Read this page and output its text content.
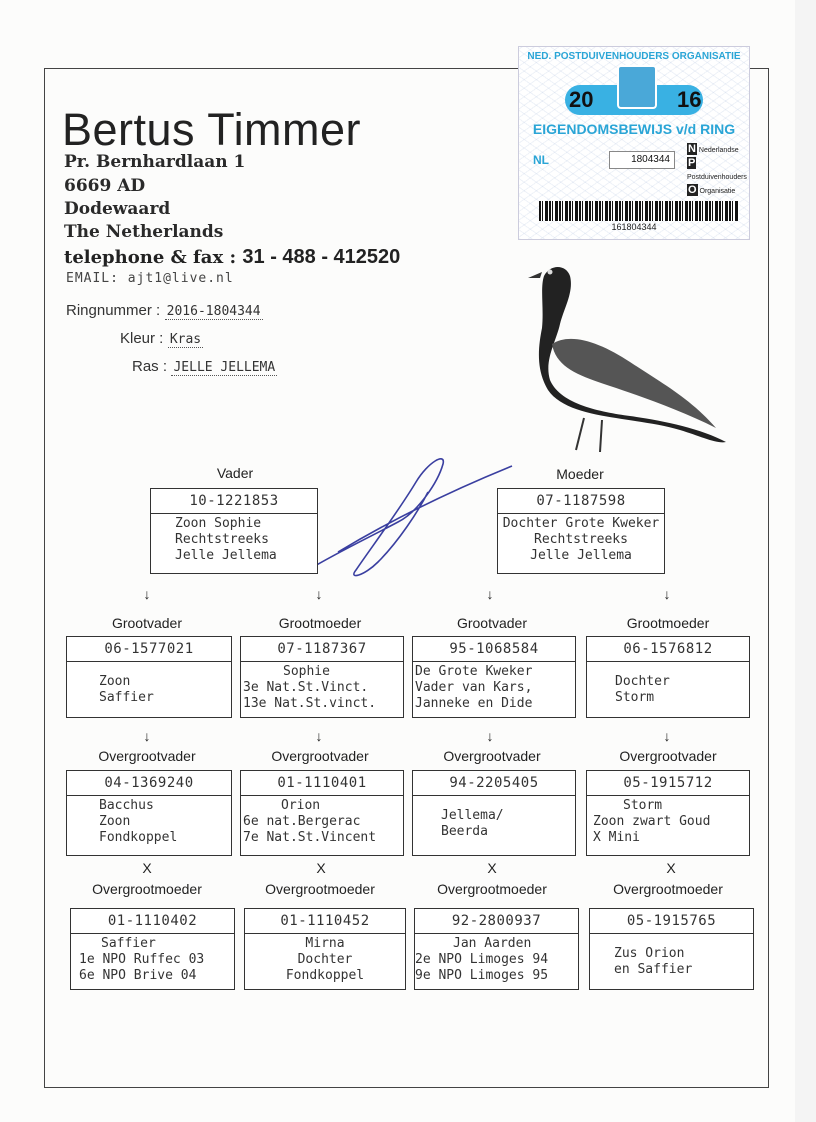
NED. POSTDUIVENHOUDERS ORGANISATIE
20	16
EIGENDOMSBEWIJS v/d RING
NL	1804344
N Nederlandse
P Postduivenhouders
O Organisatie
161804344
Bertus Timmer
Pr. Bernhardlaan 1
6669 AD
Dodewaard
The Netherlands
telephone & fax : 31 - 488 - 412520
EMAIL: ajt1@live.nl
Ringnummer : 2016-1804344
Kleur : Kras
Ras : JELLE JELLEMA
Vader	Moeder
10-1221853
Zoon Sophie
Rechtstreeks
Jelle Jellema
07-1187598
Dochter Grote Kweker
Rechtstreeks
Jelle Jellema
↓	↓	↓	↓
Grootvader	Grootmoeder	Grootvader	Grootmoeder
06-1577021
Zoon
Saffier
07-1187367
Sophie
3e Nat.St.Vinct.
13e Nat.St.vinct.
95-1068584
De Grote Kweker
Vader van Kars,
Janneke en Dide
06-1576812
Dochter
Storm
↓	↓	↓	↓
Overgrootvader	Overgrootvader	Overgrootvader	Overgrootvader
04-1369240
Bacchus
Zoon
Fondkoppel
01-1110401
Orion
6e nat.Bergerac
7e Nat.St.Vincent
94-2205405
Jellema/
Beerda
05-1915712
Storm
Zoon zwart Goud
X Mini
X	X	X	X
Overgrootmoeder	Overgrootmoeder	Overgrootmoeder	Overgrootmoeder
01-1110402
Saffier
1e NPO Ruffec 03
6e NPO Brive 04
01-1110452
Mirna
Dochter
Fondkoppel
92-2800937
Jan Aarden
2e NPO Limoges 94
9e NPO Limoges 95
05-1915765
Zus Orion
en Saffier
